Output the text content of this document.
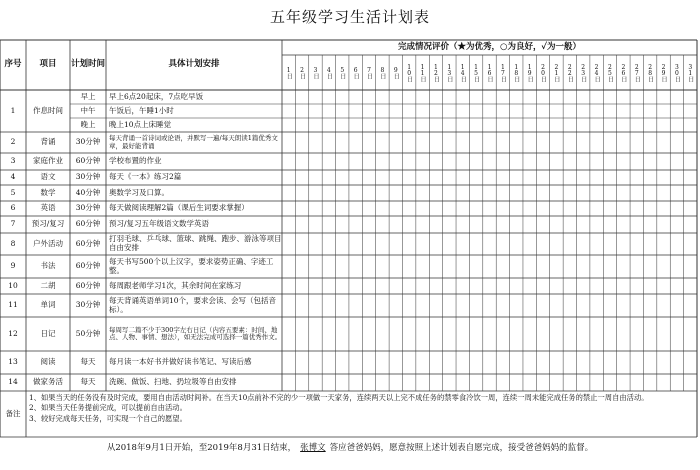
五年级学习生活计划表
序号	项目	计划时间	具体计划安排
完成情况评价（★为优秀，○为良好，✓为一般）
1日 2日 3日 4日 5日 6日 7日 8日 9日 10日 11日 12日 13日 14日 15日 16日 17日 18日 19日 20日 21日 22日 23日 24日 25日 26日 27日 28日 29日 30日 31日
1	作息时间
早上	早上6点20起床，7点吃早饭
中午	午饭后，午睡1小时
晚上	晚上10点上床睡觉
2	背诵	30分钟	每天背诵一首诗词或论语，并默写一遍/每天朗读1篇优秀文章，最好能背诵
3	家庭作业	60分钟	学校布置的作业
4	语文	30分钟	每天《一本》练习2篇
5	数学	40分钟	奥数学习及口算。
6	英语	30分钟	每天做阅读理解2篇（课后生词要求掌握）
7	预习/复习	60分钟	预习/复习五年级语文数学英语
8	户外活动	60分钟	打羽毛球、乒乓球、篮球、跳绳、跑步、游泳等项目自由安排
9	书法	60分钟	每天书写500个以上汉字，要求姿势正确、字迹工整。
10	二胡	60分钟	每周跟老师学习1次，其余时间在家练习
11	单词	30分钟	每天背诵英语单词10个，要求会读、会写（包括音标）。
12	日记	50分钟	每周写二篇不少于300字左右日记（内容五要素：时间、地点、人物、事情、想法），如无法完成可选择一篇优秀作文。
13	阅读	每天	每月读一本好书并做好读书笔记、写读后感
14	做家务活	每天	洗碗、做饭、扫地、扔垃圾等自由安排
备注
1、如果当天的任务没有及时完成，要用自由活动时间补。在当天10点前补不完的少一项做一天家务，连续两天以上完不成任务的禁零食冷饮一周，连续一周未能完成任务的禁止一周自由活动。
2、如果当天任务提前完成，可以提前自由活动。
3、较好完成每天任务，可实现一个自己的愿望。
从2018年9月1日开始，至2019年8月31日结束， 张博文 答应爸爸妈妈，愿意按照上述计划表自愿完成，接受爸爸妈妈的监督。
